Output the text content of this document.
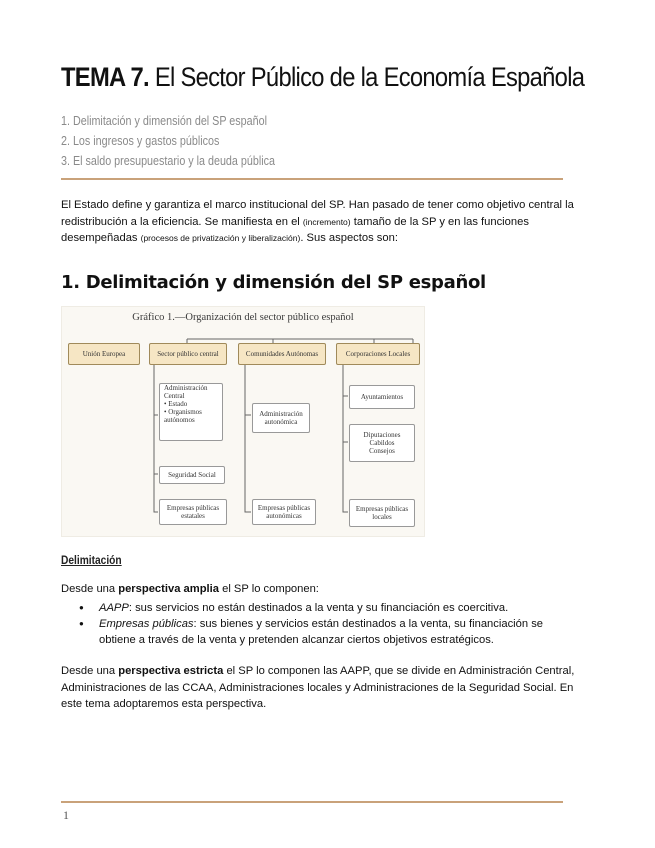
TEMA 7. El Sector Público de la Economía Española
1. Delimitación y dimensión del SP español
2. Los ingresos y gastos públicos
3. El saldo presupuestario y la deuda pública
El Estado define y garantiza el marco institucional del SP. Han pasado de tener como objetivo central la redistribución a la eficiencia. Se manifiesta en el (incremento) tamaño de la SP y en las funciones desempeñadas (procesos de privatización y liberalización). Sus aspectos son:
1. Delimitación y dimensión del SP español
Gráfico 1.—Organización del sector público español
Unión Europea	Sector público central	Comunidades Autónomas	Corporaciones Locales
Administración Central
• Estado
• Organismos autónomos
Seguridad Social
Empresas públicas estatales
Administración autonómica
Empresas públicas autonómicas
Ayuntamientos
Diputaciones
Cabildos
Consejos
Empresas públicas locales
Delimitación
Desde una perspectiva amplia el SP lo componen:
● AAPP: sus servicios no están destinados a la venta y su financiación es coercitiva.
● Empresas públicas: sus bienes y servicios están destinados a la venta, su financiación se obtiene a través de la venta y pretenden alcanzar ciertos objetivos estratégicos.
Desde una perspectiva estricta el SP lo componen las AAPP, que se divide en Administración Central, Administraciones de las CCAA, Administraciones locales y Administraciones de la Seguridad Social. En este tema adoptaremos esta perspectiva.
1
